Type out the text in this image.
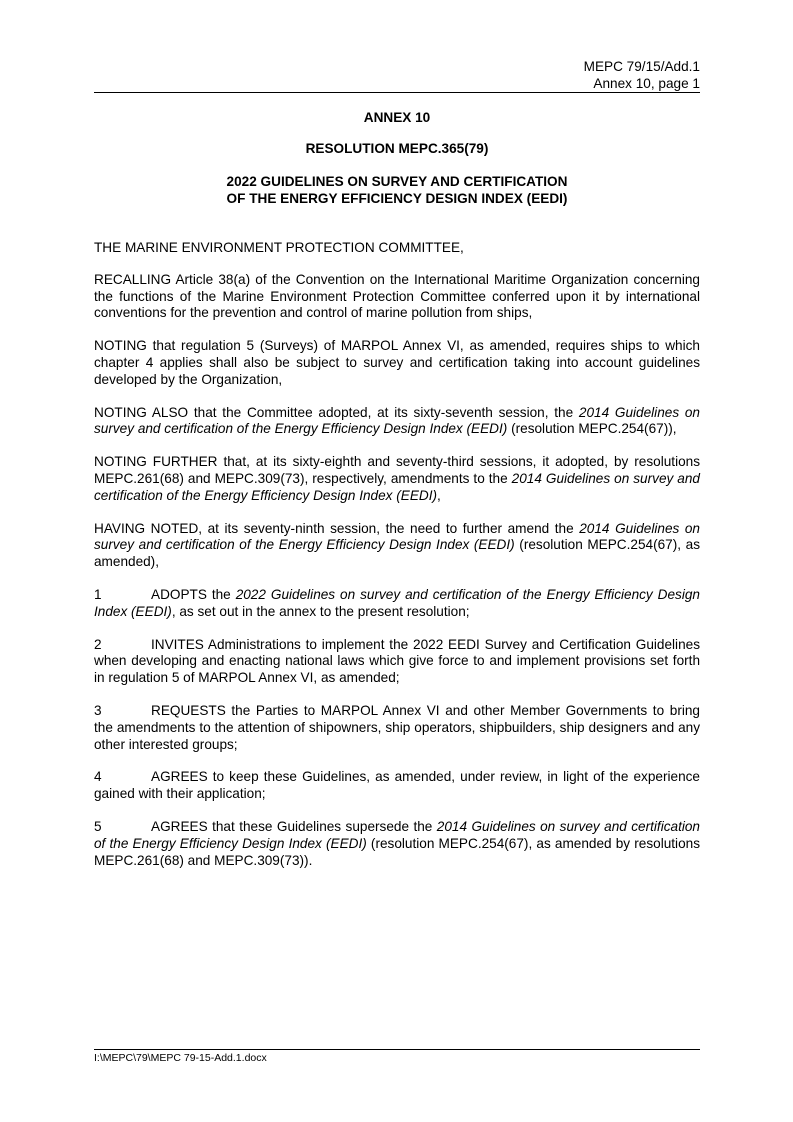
MEPC 79/15/Add.1
Annex 10, page 1
ANNEX 10
RESOLUTION MEPC.365(79)
2022 GUIDELINES ON SURVEY AND CERTIFICATION
OF THE ENERGY EFFICIENCY DESIGN INDEX (EEDI)

THE MARINE ENVIRONMENT PROTECTION COMMITTEE,

RECALLING Article 38(a) of the Convention on the International Maritime Organization concerning the functions of the Marine Environment Protection Committee conferred upon it by international conventions for the prevention and control of marine pollution from ships,

NOTING that regulation 5 (Surveys) of MARPOL Annex VI, as amended, requires ships to which chapter 4 applies shall also be subject to survey and certification taking into account guidelines developed by the Organization,

NOTING ALSO that the Committee adopted, at its sixty-seventh session, the 2014 Guidelines on survey and certification of the Energy Efficiency Design Index (EEDI) (resolution MEPC.254(67)),

NOTING FURTHER that, at its sixty-eighth and seventy-third sessions, it adopted, by resolutions MEPC.261(68) and MEPC.309(73), respectively, amendments to the 2014 Guidelines on survey and certification of the Energy Efficiency Design Index (EEDI),

HAVING NOTED, at its seventy-ninth session, the need to further amend the 2014 Guidelines on survey and certification of the Energy Efficiency Design Index (EEDI) (resolution MEPC.254(67), as amended),

1	ADOPTS the 2022 Guidelines on survey and certification of the Energy Efficiency Design Index (EEDI), as set out in the annex to the present resolution;

2	INVITES Administrations to implement the 2022 EEDI Survey and Certification Guidelines when developing and enacting national laws which give force to and implement provisions set forth in regulation 5 of MARPOL Annex VI, as amended;

3	REQUESTS the Parties to MARPOL Annex VI and other Member Governments to bring the amendments to the attention of shipowners, ship operators, shipbuilders, ship designers and any other interested groups;

4	AGREES to keep these Guidelines, as amended, under review, in light of the experience gained with their application;

5	AGREES that these Guidelines supersede the 2014 Guidelines on survey and certification of the Energy Efficiency Design Index (EEDI) (resolution MEPC.254(67), as amended by resolutions MEPC.261(68) and MEPC.309(73)).

I:\MEPC\79\MEPC 79-15-Add.1.docx
